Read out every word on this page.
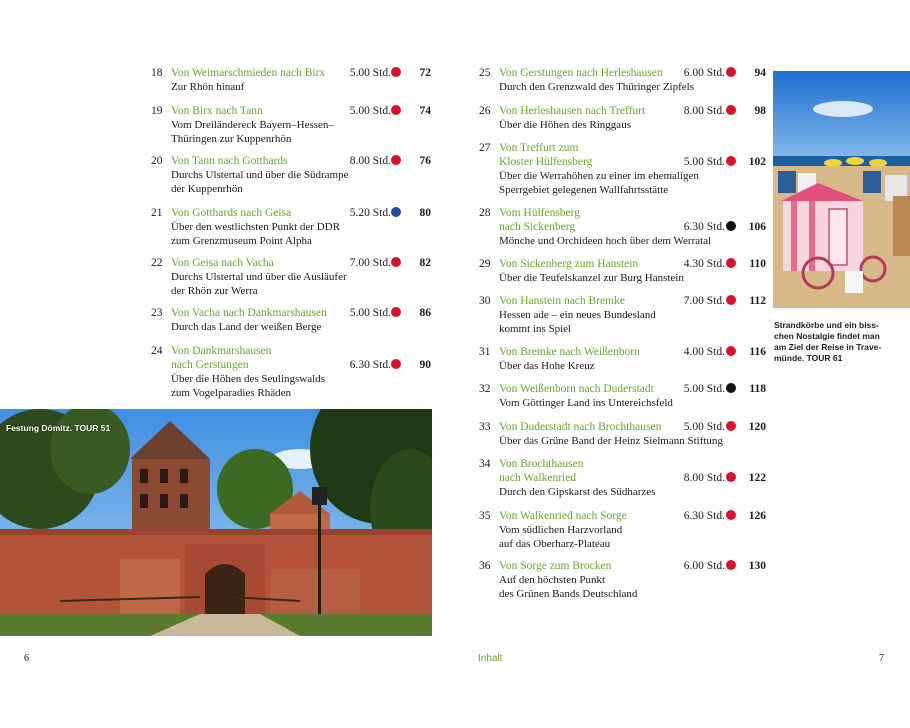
18 Von Weimarschmieden nach Birx	5.00 Std.	72
Zur Rhön hinauf
19 Von Birx nach Tann	5.00 Std.	74
Vom Dreiländereck Bayern–Hessen–
Thüringen zur Kuppenrhön
20 Von Tann nach Gotthards	8.00 Std.	76
Durchs Ulstertal und über die Südrampe
der Kuppenrhön
21 Von Gotthards nach Geisa	5.20 Std.	80
Über den westlichsten Punkt der DDR
zum Grenzmuseum Point Alpha
22 Von Geisa nach Vacha	7.00 Std.	82
Durchs Ulstertal und über die Ausläufer
der Rhön zur Werra
23 Von Vacha nach Dankmarshausen	5.00 Std.	86
Durch das Land der weißen Berge
24 Von Dankmarshausen
nach Gerstungen	6.30 Std.	90
Über die Höhen des Seulingswalds
zum Vogelparadies Rhäden
25 Von Gerstungen nach Herleshausen	6.00 Std.	94
Durch den Grenzwald des Thüringer Zipfels
26 Von Herleshausen nach Treffurt	8.00 Std.	98
Über die Höhen des Ringgaus
27 Von Treffurt zum
Kloster Hülfensberg	5.00 Std.	102
Über die Werrahöhen zu einer im ehemaligen
Sperrgebiet gelegenen Wallfahrtsstätte
28 Vom Hülfensberg
nach Sickenberg	6.30 Std.	106
Mönche und Orchideen hoch über dem Werratal
29 Von Sickenberg zum Hanstein	4.30 Std.	110
Über die Teufelskanzel zur Burg Hanstein
30 Von Hanstein nach Bremke	7.00 Std.	112
Hessen ade – ein neues Bundesland
kommt ins Spiel
31 Von Bremke nach Weißenborn	4.00 Std.	116
Über das Hohe Kreuz
32 Von Weißenborn nach Duderstadt	5.00 Std.	118
Vom Göttinger Land ins Untereichsfeld
33 Von Duderstadt nach Brochthausen	5.00 Std.	120
Über das Grüne Band der Heinz Sielmann Stiftung
34 Von Brochthausen
nach Walkenried	8.00 Std.	122
Durch den Gipskarst des Südharzes
35 Von Walkenried nach Sorge	6.30 Std.	126
Vom südlichen Harzvorland
auf das Oberharz-Plateau
36 Von Sorge zum Brocken	6.00 Std.	130
Auf den höchsten Punkt
des Grünen Bands Deutschland
Festung Dömitz. TOUR 51
Strandkörbe und ein biss-
chen Nostalgie findet man
am Ziel der Reise in Trave-
münde. TOUR 61
6	Inhalt	7
